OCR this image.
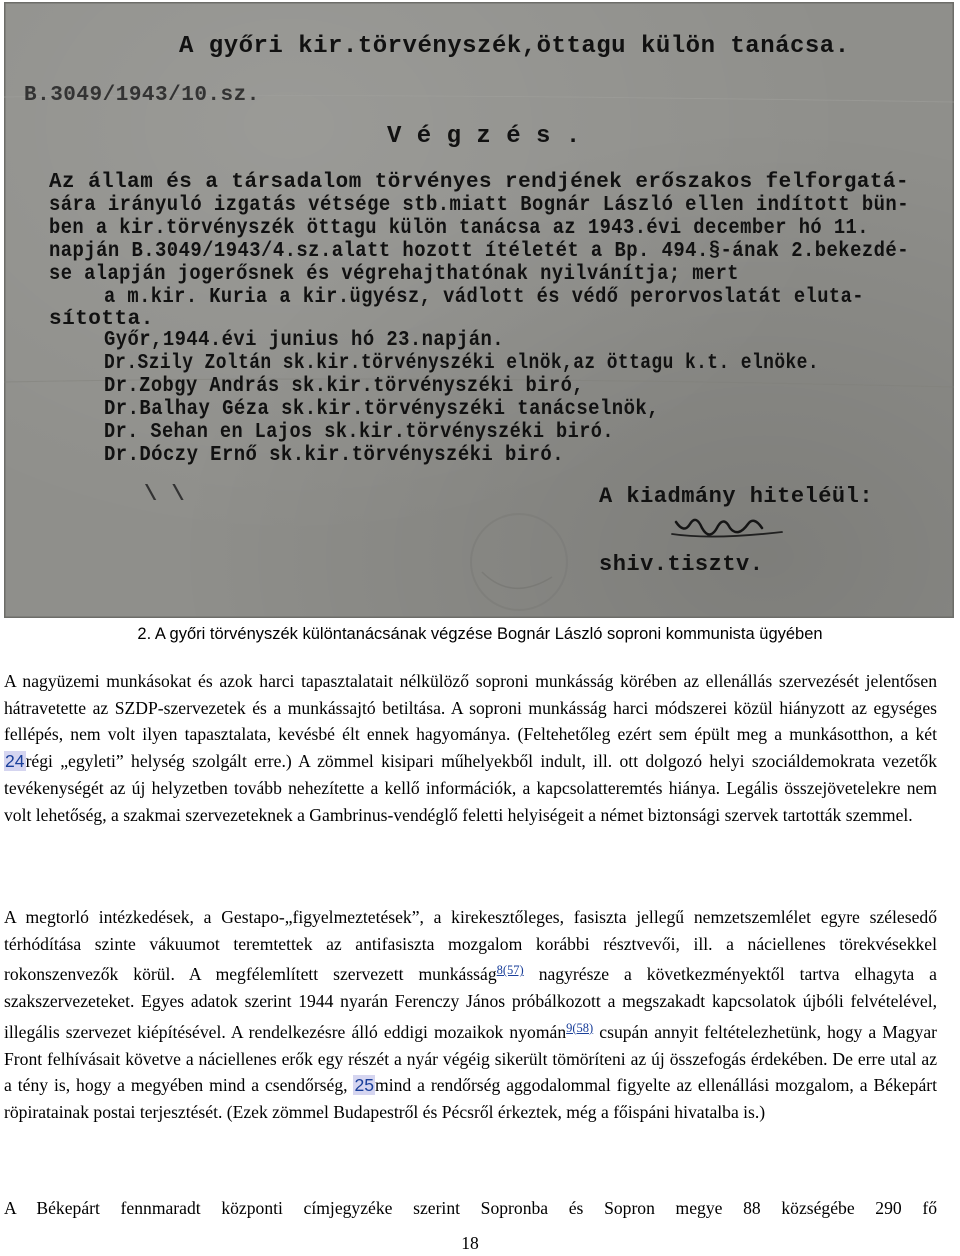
A győri kir.törvényszék,öttagu külön tanácsa.
B.3049/1943/10.sz.
V é g z é s .
Az állam és a társadalom törvényes rendjének erőszakos felforgatá-
sára irányuló izgatás vétsége stb.miatt Bognár László ellen indított bün-
ben a kir.törvényszék öttagu külön tanácsa az 1943.évi december hó 11.
napján B.3049/1943/4.sz.alatt hozott ítéletét a Bp. 494.§-ának 2.bekezdé-
se alapján jogerősnek és végrehajthatónak nyilvánítja; mert
a m.kir. Kuria a kir.ügyész, vádlott és védő perorvoslatát eluta-
sította.
Győr,1944.évi junius hó 23.napján.
Dr.Szily Zoltán sk.kir.törvényszéki elnök,az öttagu k.t. elnöke.
Dr.Zobgy András sk.kir.törvényszéki biró,
Dr.Balhay Géza sk.kir.törvényszéki tanácselnök,
Dr. Sehan en Lajos sk.kir.törvényszéki biró.
Dr.Dóczy Ernő sk.kir.törvényszéki biró.
\ \	A kiadmány hiteléül:
shiv.tisztv.
2. A győri törvényszék különtanácsának végzése Bognár László soproni kommunista ügyében

A nagyüzemi munkásokat és azok harci tapasztalatait nélkülöző soproni munkásság körében az ellenállás szervezését jelentősen hátravetette az SZDP-szervezetek és a munkássajtó betiltása. A soproni munkásság harci módszerei közül hiányzott az egységes fellépés, nem volt ilyen tapasztalata, kevésbé élt ennek hagyománya. (Feltehetőleg ezért sem épült meg a munkásotthon, a két 24régi „egyleti” helység szolgált erre.) A zömmel kisipari műhelyekből indult, ill. ott dolgozó helyi szociáldemokrata vezetők tevékenységét az új helyzetben tovább nehezítette a kellő információk, a kapcsolatteremtés hiánya. Legális összejövetelekre nem volt lehetőség, a szakmai szervezeteknek a Gambrinus-vendéglő feletti helyiségeit a német biztonsági szervek tartották szemmel.

A megtorló intézkedések, a Gestapo-„figyelmeztetések”, a kirekesztőleges, fasiszta jellegű nemzetszemlélet egyre szélesedő térhódítása szinte vákuumot teremtettek az antifasiszta mozgalom korábbi résztvevői, ill. a náciellenes törekvésekkel rokonszenvezők körül. A megfélemlített szervezett munkásság$^{8(57)}$ nagyrésze a következményektől tartva elhagyta a szakszervezeteket. Egyes adatok szerint 1944 nyarán Ferenczy János próbálkozott a megszakadt kapcsolatok újbóli felvételével, illegális szervezet kiépítésével. A rendelkezésre álló eddigi mozaikok nyomán$^{9(58)}$ csupán annyit feltételezhetünk, hogy a Magyar Front felhívásait követve a náciellenes erők egy részét a nyár végéig sikerült tömöríteni az új összefogás érdekében. De erre utal az a tény is, hogy a megyében mind a csendőrség, 25mind a rendőrség aggodalommal figyelte az ellenállási mozgalom, a Békepárt röpiratainak postai terjesztését. (Ezek zömmel Budapestről és Pécsről érkeztek, még a főispáni hivatalba is.)

A Békepárt fennmaradt központi címjegyzéke szerint Sopronba és Sopron megye 88 községébe 290 fő

18
